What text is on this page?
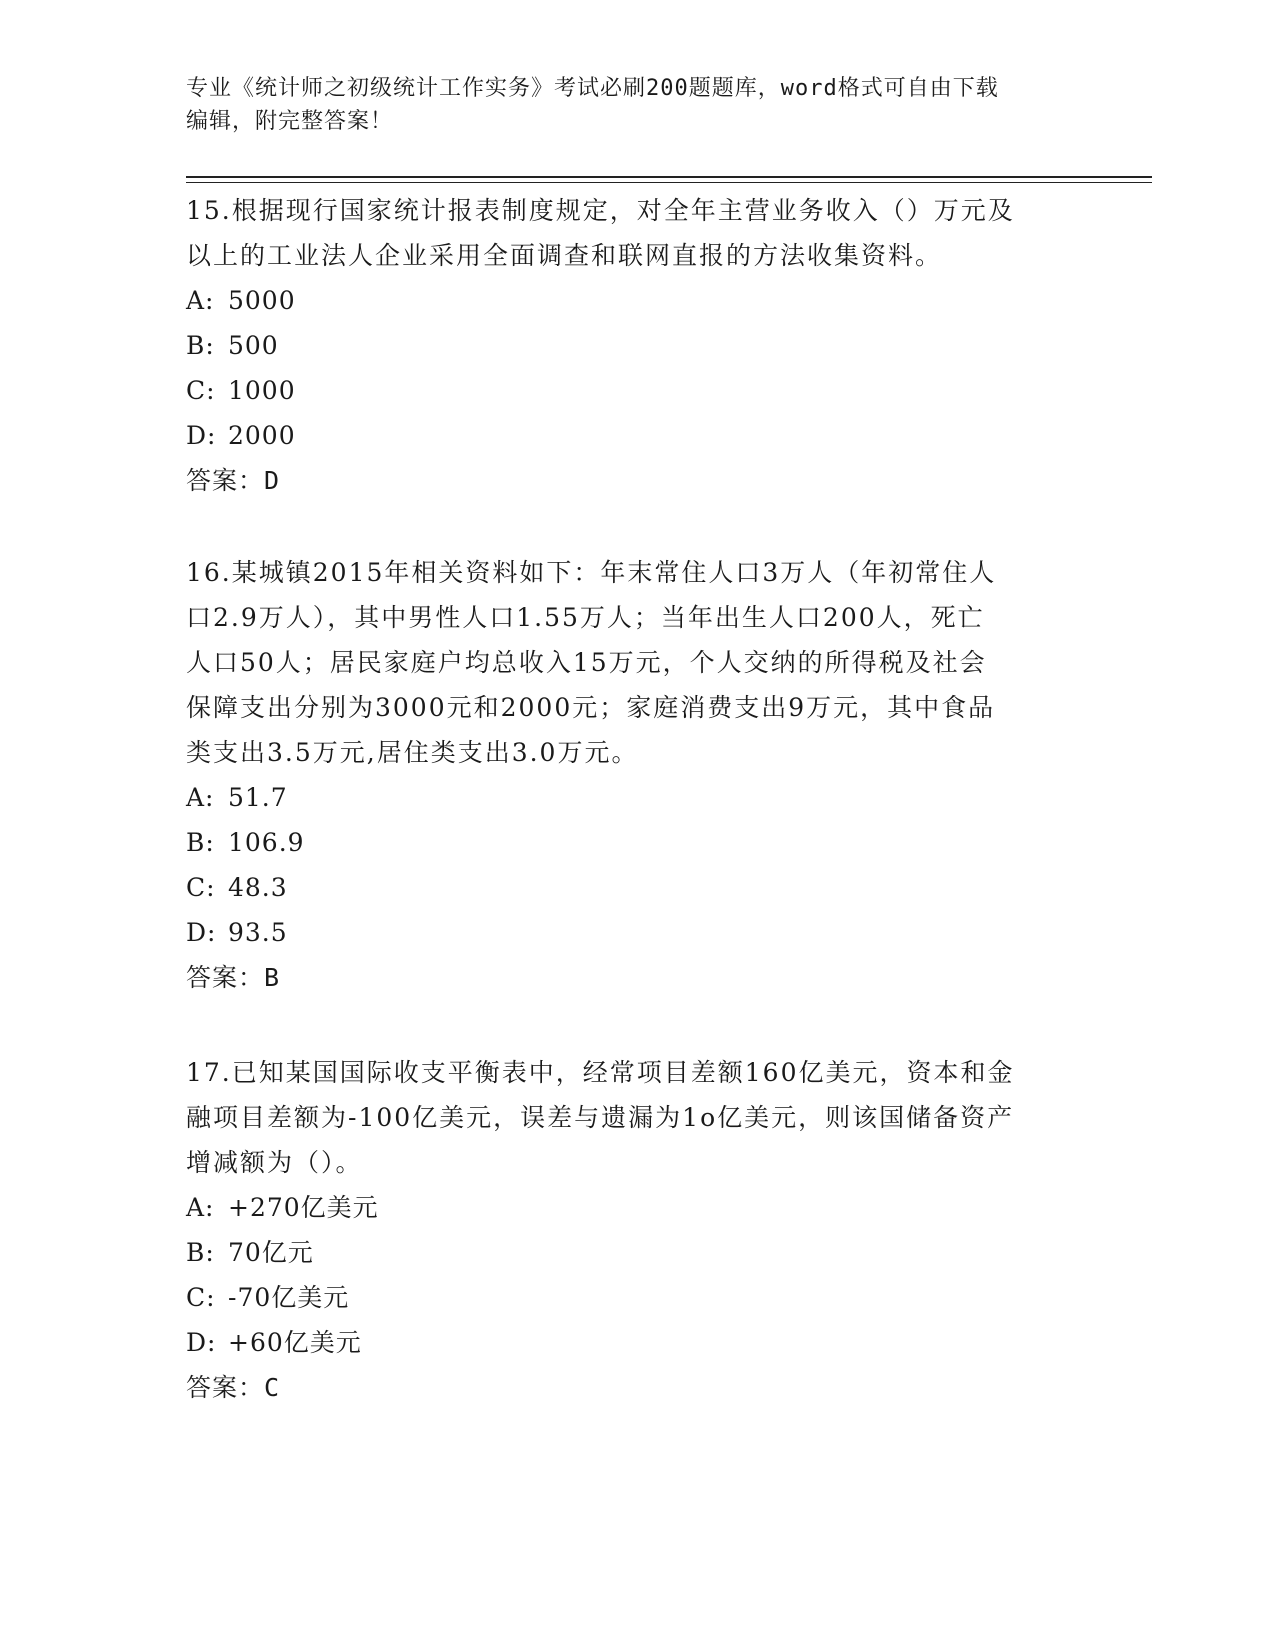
专业《统计师之初级统计工作实务》考试必刷200题题库，word格式可自由下载
编辑，附完整答案！

15.根据现行国家统计报表制度规定，对全年主营业务收入（）万元及

以上的工业法人企业采用全面调查和联网直报的方法收集资料。

A: 5000

B: 500

C: 1000

D: 2000

答案：D

16.某城镇2015年相关资料如下：年末常住人口3万人（年初常住人

口2.9万人），其中男性人口1.55万人；当年出生人口200人，死亡

人口50人；居民家庭户均总收入15万元，个人交纳的所得税及社会

保障支出分别为3000元和2000元；家庭消费支出9万元，其中食品

类支出3.5万元,居住类支出3.0万元。

A: 51.7

B: 106.9

C: 48.3

D: 93.5

答案：B

17.已知某国国际收支平衡表中，经常项目差额160亿美元，资本和金

融项目差额为-100亿美元，误差与遗漏为1o亿美元，则该国储备资产

增减额为（）。

A: +270亿美元

B: 70亿元

C: -70亿美元

D: +60亿美元

答案：C
